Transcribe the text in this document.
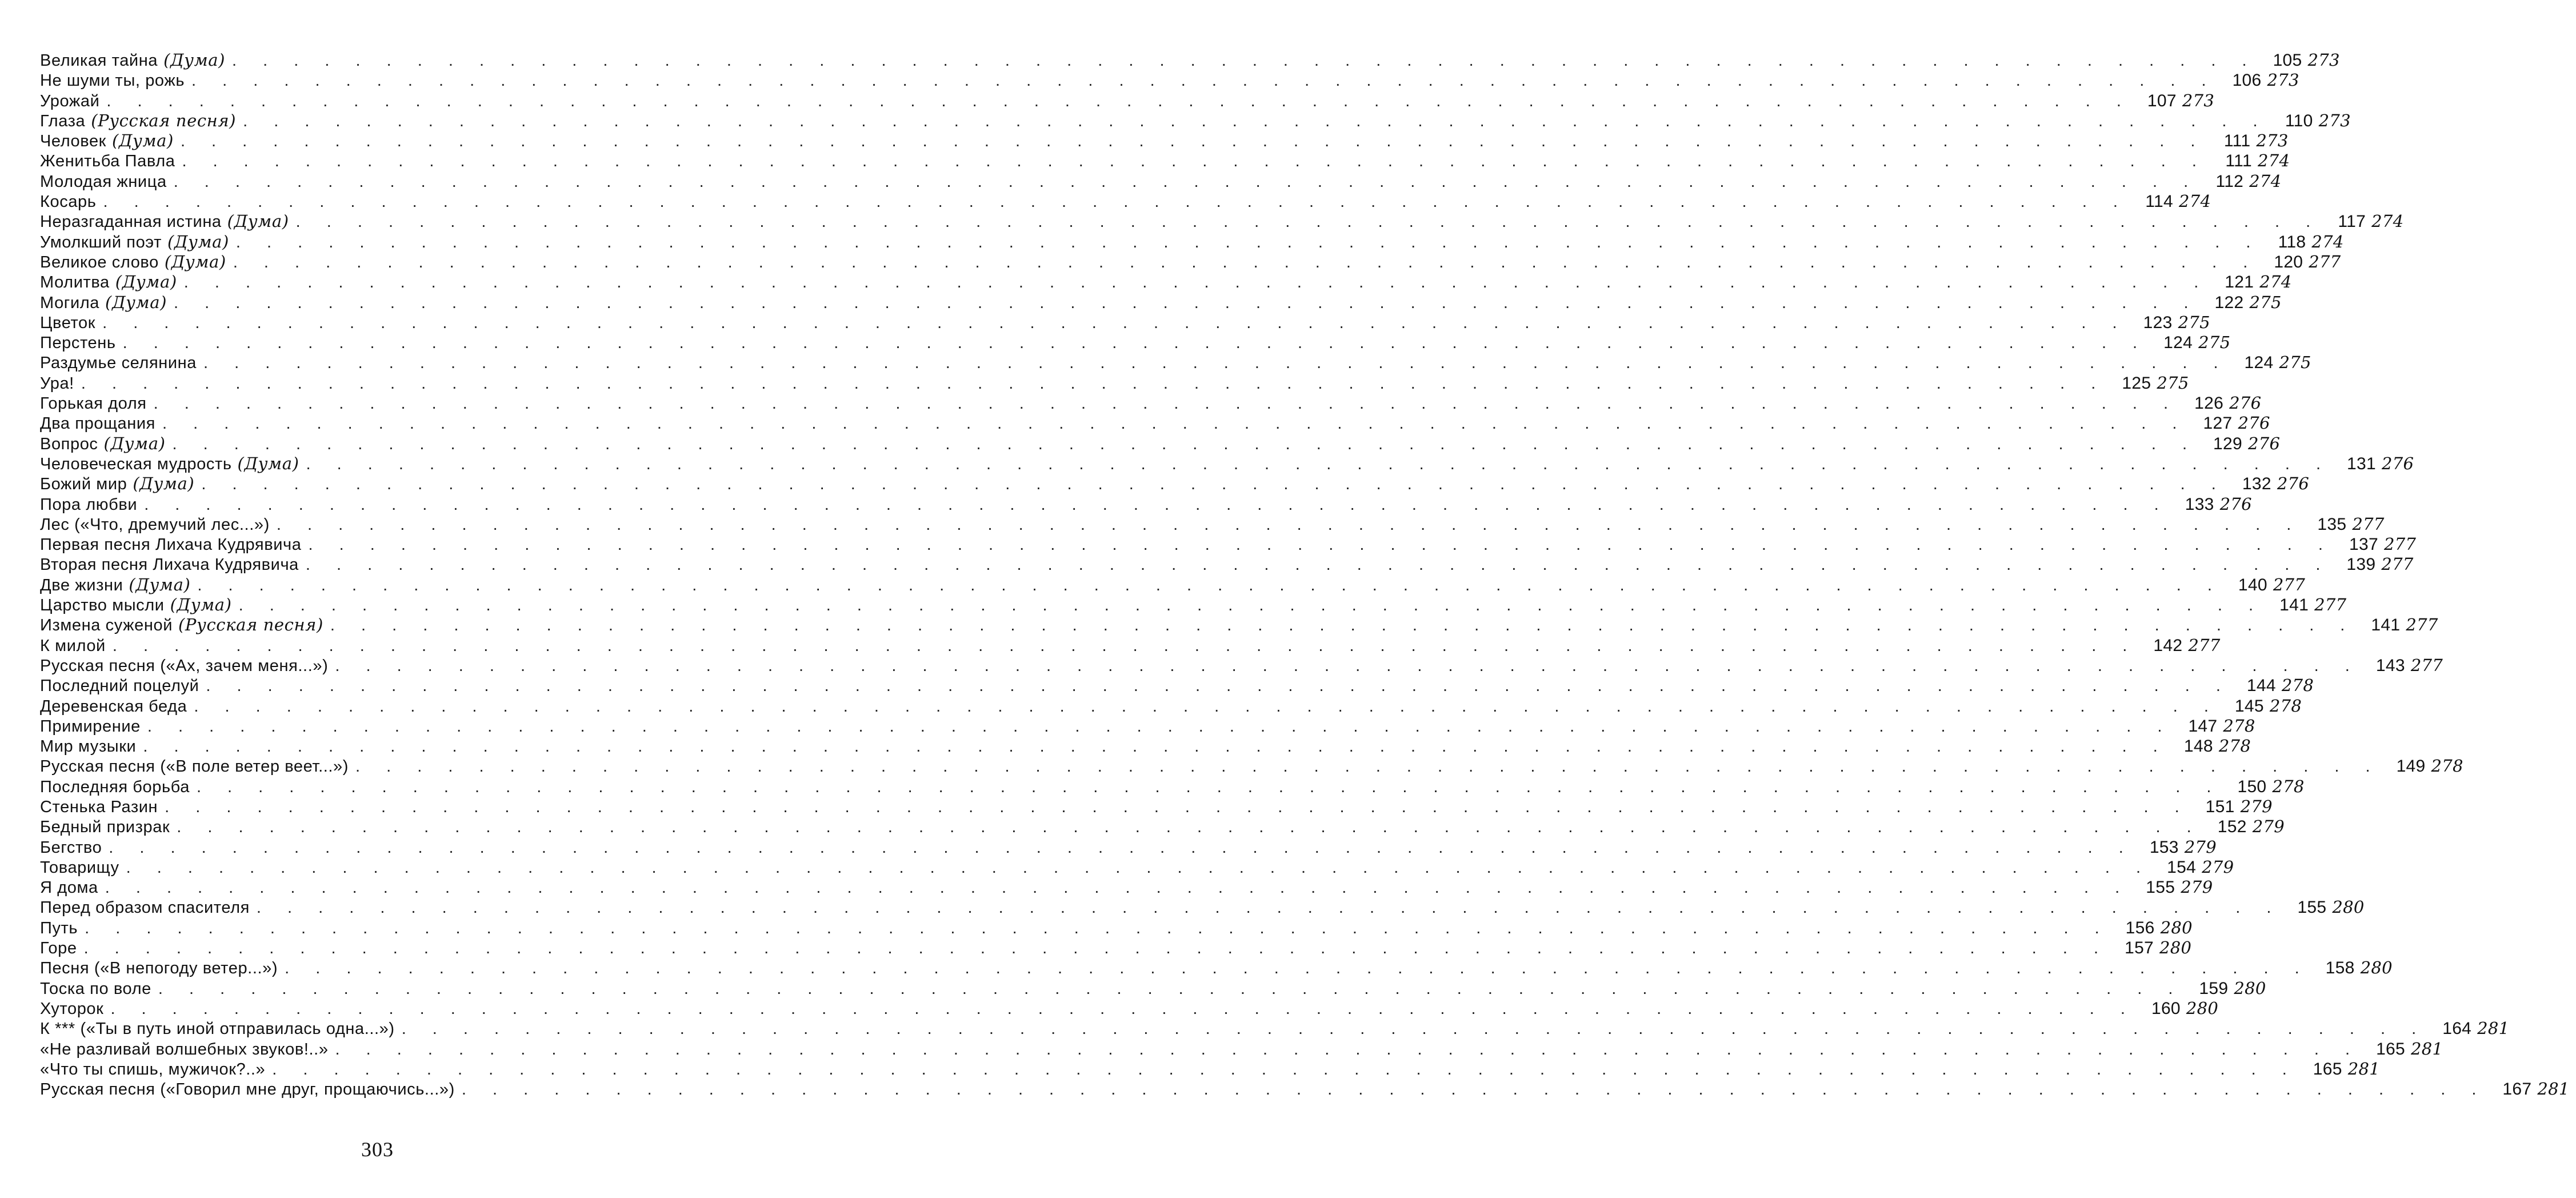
Великая тайна (Дума) . . . . . . . . . . . . . . . . . . . . . . . . . . . . . . . . . . . . . . . . . . . . . . . . . . . . . . . . . . . . . . . . . . 105 273
Не шуми ты, рожь . . . . . . . . . . . . . . . . . . . . . . . . . . . . . . . . . . . . . . . . . . . . . . . . . . . . . . . . . . . . . . . . . . 106 273
Урожай . . . . . . . . . . . . . . . . . . . . . . . . . . . . . . . . . . . . . . . . . . . . . . . . . . . . . . . . . . . . . . . . . . 107 273
Глаза (Русская песня) . . . . . . . . . . . . . . . . . . . . . . . . . . . . . . . . . . . . . . . . . . . . . . . . . . . . . . . . . . . . . . . . . . 110 273
Человек (Дума) . . . . . . . . . . . . . . . . . . . . . . . . . . . . . . . . . . . . . . . . . . . . . . . . . . . . . . . . . . . . . . . . . .	111 273
Женитьба Павла . . . . . . . . . . . . . . . . . . . . . . . . . . . . . . . . . . . . . . . . . . . . . . . . . . . . . . . . . . . . . . . . . .	111 274
Молодая жница . . . . . . . . . . . . . . . . . . . . . . . . . . . . . . . . . . . . . . . . . . . . . . . . . . . . . . . . . . . . . . . . . . 112 274
Косарь . . . . . . . . . . . . . . . . . . . . . . . . . . . . . . . . . . . . . . . . . . . . . . . . . . . . . . . . . . . . . . . . . . 114 274
Неразгаданная истина (Дума) . . . . . . . . . . . . . . . . . . . . . . . . . . . . . . . . . . . . . . . . . . . . . . . . . . . . . . . . . . . . . . . . . . 117 274
Умолкший поэт (Дума) . . . . . . . . . . . . . . . . . . . . . . . . . . . . . . . . . . . . . . . . . . . . . . . . . . . . . . . . . . . . . . . . . . 118 274
Великое слово (Дума) . . . . . . . . . . . . . . . . . . . . . . . . . . . . . . . . . . . . . . . . . . . . . . . . . . . . . . . . . . . . . . . . . . 120 277
Молитва (Дума) . . . . . . . . . . . . . . . . . . . . . . . . . . . . . . . . . . . . . . . . . . . . . . . . . . . . . . . . . . . . . . . . . . 121 274
Могила (Дума) . . . . . . . . . . . . . . . . . . . . . . . . . . . . . . . . . . . . . . . . . . . . . . . . . . . . . . . . . . . . . . . . . . 122 275
Цветок . . . . . . . . . . . . . . . . . . . . . . . . . . . . . . . . . . . . . . . . . . . . . . . . . . . . . . . . . . . . . . . . . . 123 275
Перстень . . . . . . . . . . . . . . . . . . . . . . . . . . . . . . . . . . . . . . . . . . . . . . . . . . . . . . . . . . . . . . . . . . 124 275
Раздумье селянина . . . . . . . . . . . . . . . . . . . . . . . . . . . . . . . . . . . . . . . . . . . . . . . . . . . . . . . . . . . . . . . . . . 124 275
Ура! . . . . . . . . . . . . . . . . . . . . . . . . . . . . . . . . . . . . . . . . . . . . . . . . . . . . . . . . . . . . . . . . . . 125 275
Горькая доля . . . . . . . . . . . . . . . . . . . . . . . . . . . . . . . . . . . . . . . . . . . . . . . . . . . . . . . . . . . . . . . . . . 126 276
Два прощания . . . . . . . . . . . . . . . . . . . . . . . . . . . . . . . . . . . . . . . . . . . . . . . . . . . . . . . . . . . . . . . . . . 127 276
Вопрос (Дума) . . . . . . . . . . . . . . . . . . . . . . . . . . . . . . . . . . . . . . . . . . . . . . . . . . . . . . . . . . . . . . . . . . 129 276
Человеческая мудрость (Дума) . . . . . . . . . . . . . . . . . . . . . . . . . . . . . . . . . . . . . . . . . . . . . . . . . . . . . . . . . . . . . . . . . . 131 276
Божий мир (Дума) . . . . . . . . . . . . . . . . . . . . . . . . . . . . . . . . . . . . . . . . . . . . . . . . . . . . . . . . . . . . . . . . . . 132 276
Пора любви . . . . . . . . . . . . . . . . . . . . . . . . . . . . . . . . . . . . . . . . . . . . . . . . . . . . . . . . . . . . . . . . . . 133 276
Лес («Что, дремучий лес...») . . . . . . . . . . . . . . . . . . . . . . . . . . . . . . . . . . . . . . . . . . . . . . . . . . . . . . . . . . . . . . . . . . 135 277
Первая песня Лихача Кудрявича . . . . . . . . . . . . . . . . . . . . . . . . . . . . . . . . . . . . . . . . . . . . . . . . . . . . . . . . . . . . . . . . . . 137 277
Вторая песня Лихача Кудрявича . . . . . . . . . . . . . . . . . . . . . . . . . . . . . . . . . . . . . . . . . . . . . . . . . . . . . . . . . . . . . . . . . . 139 277
Две жизни (Дума) . . . . . . . . . . . . . . . . . . . . . . . . . . . . . . . . . . . . . . . . . . . . . . . . . . . . . . . . . . . . . . . . . . 140 277
Царство мысли (Дума) . . . . . . . . . . . . . . . . . . . . . . . . . . . . . . . . . . . . . . . . . . . . . . . . . . . . . . . . . . . . . . . . . . 141 277
Измена суженой (Русская песня) . . . . . . . . . . . . . . . . . . . . . . . . . . . . . . . . . . . . . . . . . . . . . . . . . . . . . . . . . . . . . . . . . . 141 277
К милой . . . . . . . . . . . . . . . . . . . . . . . . . . . . . . . . . . . . . . . . . . . . . . . . . . . . . . . . . . . . . . . . . . 142 277
Русская песня («Ах, зачем меня...») . . . . . . . . . . . . . . . . . . . . . . . . . . . . . . . . . . . . . . . . . . . . . . . . . . . . . . . . . . . . . . . . . . 143 277
Последний поцелуй . . . . . . . . . . . . . . . . . . . . . . . . . . . . . . . . . . . . . . . . . . . . . . . . . . . . . . . . . . . . . . . . . . 144 278
Деревенская беда . . . . . . . . . . . . . . . . . . . . . . . . . . . . . . . . . . . . . . . . . . . . . . . . . . . . . . . . . . . . . . . . . . 145 278
Примирение . . . . . . . . . . . . . . . . . . . . . . . . . . . . . . . . . . . . . . . . . . . . . . . . . . . . . . . . . . . . . . . . . . 147 278
Мир музыки . . . . . . . . . . . . . . . . . . . . . . . . . . . . . . . . . . . . . . . . . . . . . . . . . . . . . . . . . . . . . . . . . . 148 278
Русская песня («В поле ветер веет...») . . . . . . . . . . . . . . . . . . . . . . . . . . . . . . . . . . . . . . . . . . . . . . . . . . . . . . . . . . . . . . . . . . 149 278
Последняя борьба . . . . . . . . . . . . . . . . . . . . . . . . . . . . . . . . . . . . . . . . . . . . . . . . . . . . . . . . . . . . . . . . . . 150 278
Стенька Разин . . . . . . . . . . . . . . . . . . . . . . . . . . . . . . . . . . . . . . . . . . . . . . . . . . . . . . . . . . . . . . . . . . 151 279
Бедный призрак . . . . . . . . . . . . . . . . . . . . . . . . . . . . . . . . . . . . . . . . . . . . . . . . . . . . . . . . . . . . . . . . . . 152 279
Бегство . . . . . . . . . . . . . . . . . . . . . . . . . . . . . . . . . . . . . . . . . . . . . . . . . . . . . . . . . . . . . . . . . . 153 279
Товарищу . . . . . . . . . . . . . . . . . . . . . . . . . . . . . . . . . . . . . . . . . . . . . . . . . . . . . . . . . . . . . . . . . . 154 279
Я дома . . . . . . . . . . . . . . . . . . . . . . . . . . . . . . . . . . . . . . . . . . . . . . . . . . . . . . . . . . . . . . . . . . 155 279
Перед образом спасителя . . . . . . . . . . . . . . . . . . . . . . . . . . . . . . . . . . . . . . . . . . . . . . . . . . . . . . . . . . . . . . . . . . 155 280
Путь . . . . . . . . . . . . . . . . . . . . . . . . . . . . . . . . . . . . . . . . . . . . . . . . . . . . . . . . . . . . . . . . . . 156 280
Горе . . . . . . . . . . . . . . . . . . . . . . . . . . . . . . . . . . . . . . . . . . . . . . . . . . . . . . . . . . . . . . . . . . 157 280
Песня («В непогоду ветер...») . . . . . . . . . . . . . . . . . . . . . . . . . . . . . . . . . . . . . . . . . . . . . . . . . . . . . . . . . . . . . . . . . . 158 280
Тоска по воле . . . . . . . . . . . . . . . . . . . . . . . . . . . . . . . . . . . . . . . . . . . . . . . . . . . . . . . . . . . . . . . . . . 159 280
Хуторок . . . . . . . . . . . . . . . . . . . . . . . . . . . . . . . . . . . . . . . . . . . . . . . . . . . . . . . . . . . . . . . . . . 160 280
К *** («Ты в путь иной отправилась одна...») . . . . . . . . . . . . . . . . . . . . . . . . . . . . . . . . . . . . . . . . . . . . . . . . . . . . . . . . . . . . . . . . . . 164 281
«Не разливай волшебных звуков!..» . . . . . . . . . . . . . . . . . . . . . . . . . . . . . . . . . . . . . . . . . . . . . . . . . . . . . . . . . . . . . . . . . . 165 281
«Что ты спишь, мужичок?..» . . . . . . . . . . . . . . . . . . . . . . . . . . . . . . . . . . . . . . . . . . . . . . . . . . . . . . . . . . . . . . . . . . 165 281
Русская песня («Говорил мне друг, прощаючись...») . . . . . . . . . . . . . . . . . . . . . . . . . . . . . . . . . . . . . . . . . . . . . . . . . . . . . . . . . . . . . . . . . . 167 281
303
